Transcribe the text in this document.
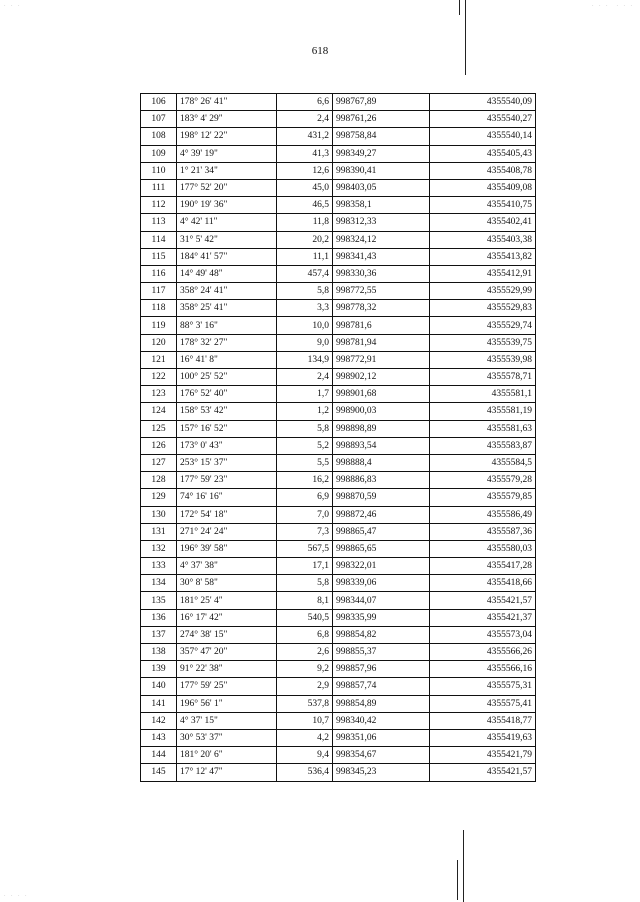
618
. . .  . . .
. . .
. . . .
106	178° 26' 41"	6,6	998767,89	4355540,09
107	183° 4' 29"	2,4	998761,26	4355540,27
108	198° 12' 22"	431,2	998758,84	4355540,14
109	4° 39' 19"	41,3	998349,27	4355405,43
110	1° 21' 34"	12,6	998390,41	4355408,78
111	177° 52' 20"	45,0	998403,05	4355409,08
112	190° 19' 36"	46,5	998358,1	4355410,75
113	4° 42' 11"	11,8	998312,33	4355402,41
114	31° 5' 42"	20,2	998324,12	4355403,38
115	184° 41' 57"	11,1	998341,43	4355413,82
116	14° 49' 48"	457,4	998330,36	4355412,91
117	358° 24' 41"	5,8	998772,55	4355529,99
118	358° 25' 41"	3,3	998778,32	4355529,83
119	88° 3' 16"	10,0	998781,6	4355529,74
120	178° 32' 27"	9,0	998781,94	4355539,75
121	16° 41' 8"	134,9	998772,91	4355539,98
122	100° 25' 52"	2,4	998902,12	4355578,71
123	176° 52' 40"	1,7	998901,68	4355581,1
124	158° 53' 42"	1,2	998900,03	4355581,19
125	157° 16' 52"	5,8	998898,89	4355581,63
126	173° 0' 43"	5,2	998893,54	4355583,87
127	253° 15' 37"	5,5	998888,4	4355584,5
128	177° 59' 23"	16,2	998886,83	4355579,28
129	74° 16' 16"	6,9	998870,59	4355579,85
130	172° 54' 18"	7,0	998872,46	4355586,49
131	271° 24' 24"	7,3	998865,47	4355587,36
132	196° 39' 58"	567,5	998865,65	4355580,03
133	4° 37' 38"	17,1	998322,01	4355417,28
134	30° 8' 58"	5,8	998339,06	4355418,66
135	181° 25' 4"	8,1	998344,07	4355421,57
136	16° 17' 42"	540,5	998335,99	4355421,37
137	274° 38' 15"	6,8	998854,82	4355573,04
138	357° 47' 20"	2,6	998855,37	4355566,26
139	91° 22' 38"	9,2	998857,96	4355566,16
140	177° 59' 25"	2,9	998857,74	4355575,31
141	196° 56' 1"	537,8	998854,89	4355575,41
142	4° 37' 15"	10,7	998340,42	4355418,77
143	30° 53' 37"	4,2	998351,06	4355419,63
144	181° 20' 6"	9,4	998354,67	4355421,79
145	17° 12' 47"	536,4	998345,23	4355421,57
